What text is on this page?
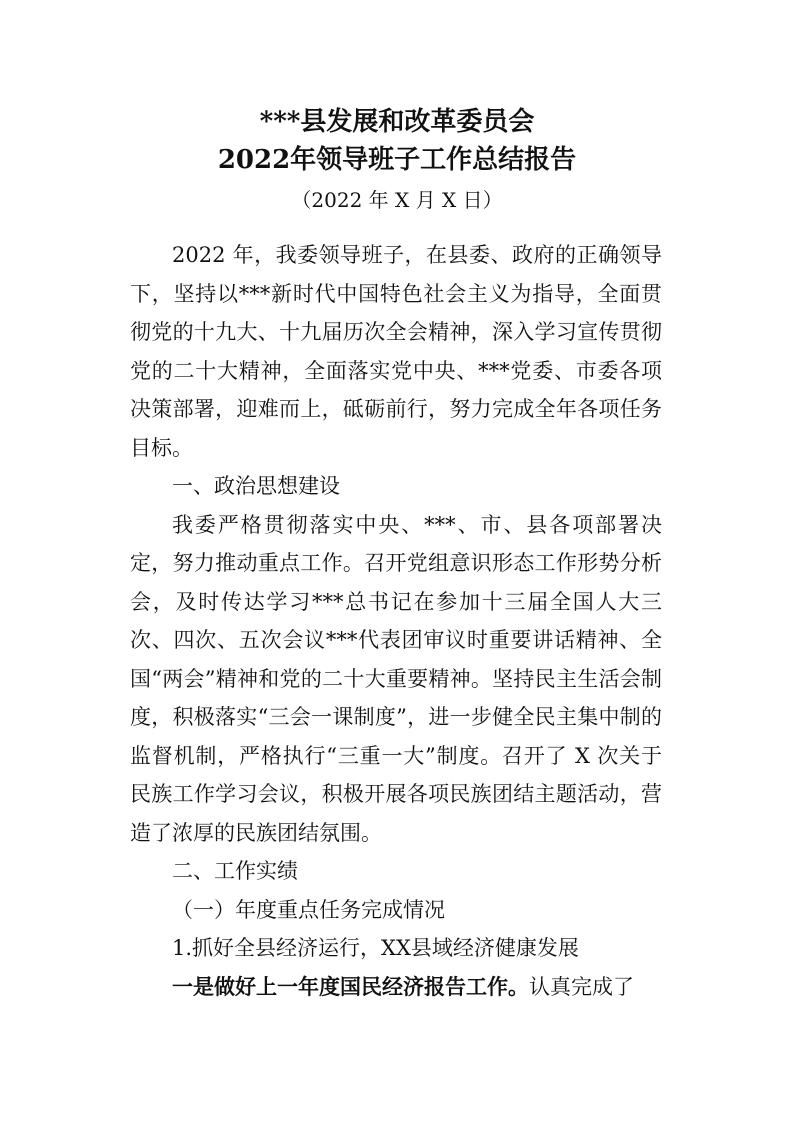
***县发展和改革委员会
2022年领导班子工作总结报告
（2022 年 X 月 X 日）

2022 年，我委领导班子，在县委、政府的正确领导下，坚持以***新时代中国特色社会主义为指导，全面贯彻党的十九大、十九届历次全会精神，深入学习宣传贯彻党的二十大精神，全面落实党中央、***党委、市委各项决策部署，迎难而上，砥砺前行，努力完成全年各项任务目标。

一、政治思想建设

我委严格贯彻落实中央、***、市、县各项部署决定，努力推动重点工作。召开党组意识形态工作形势分析会，及时传达学习***总书记在参加十三届全国人大三次、四次、五次会议***代表团审议时重要讲话精神、全国“两会”精神和党的二十大重要精神。坚持民主生活会制度，积极落实“三会一课制度”，进一步健全民主集中制的监督机制，严格执行“三重一大”制度。召开了 X 次关于民族工作学习会议，积极开展各项民族团结主题活动，营造了浓厚的民族团结氛围。

二、工作实绩

（一）年度重点任务完成情况

1.抓好全县经济运行，XX县域经济健康发展

一是做好上一年度国民经济报告工作。认真完成了
